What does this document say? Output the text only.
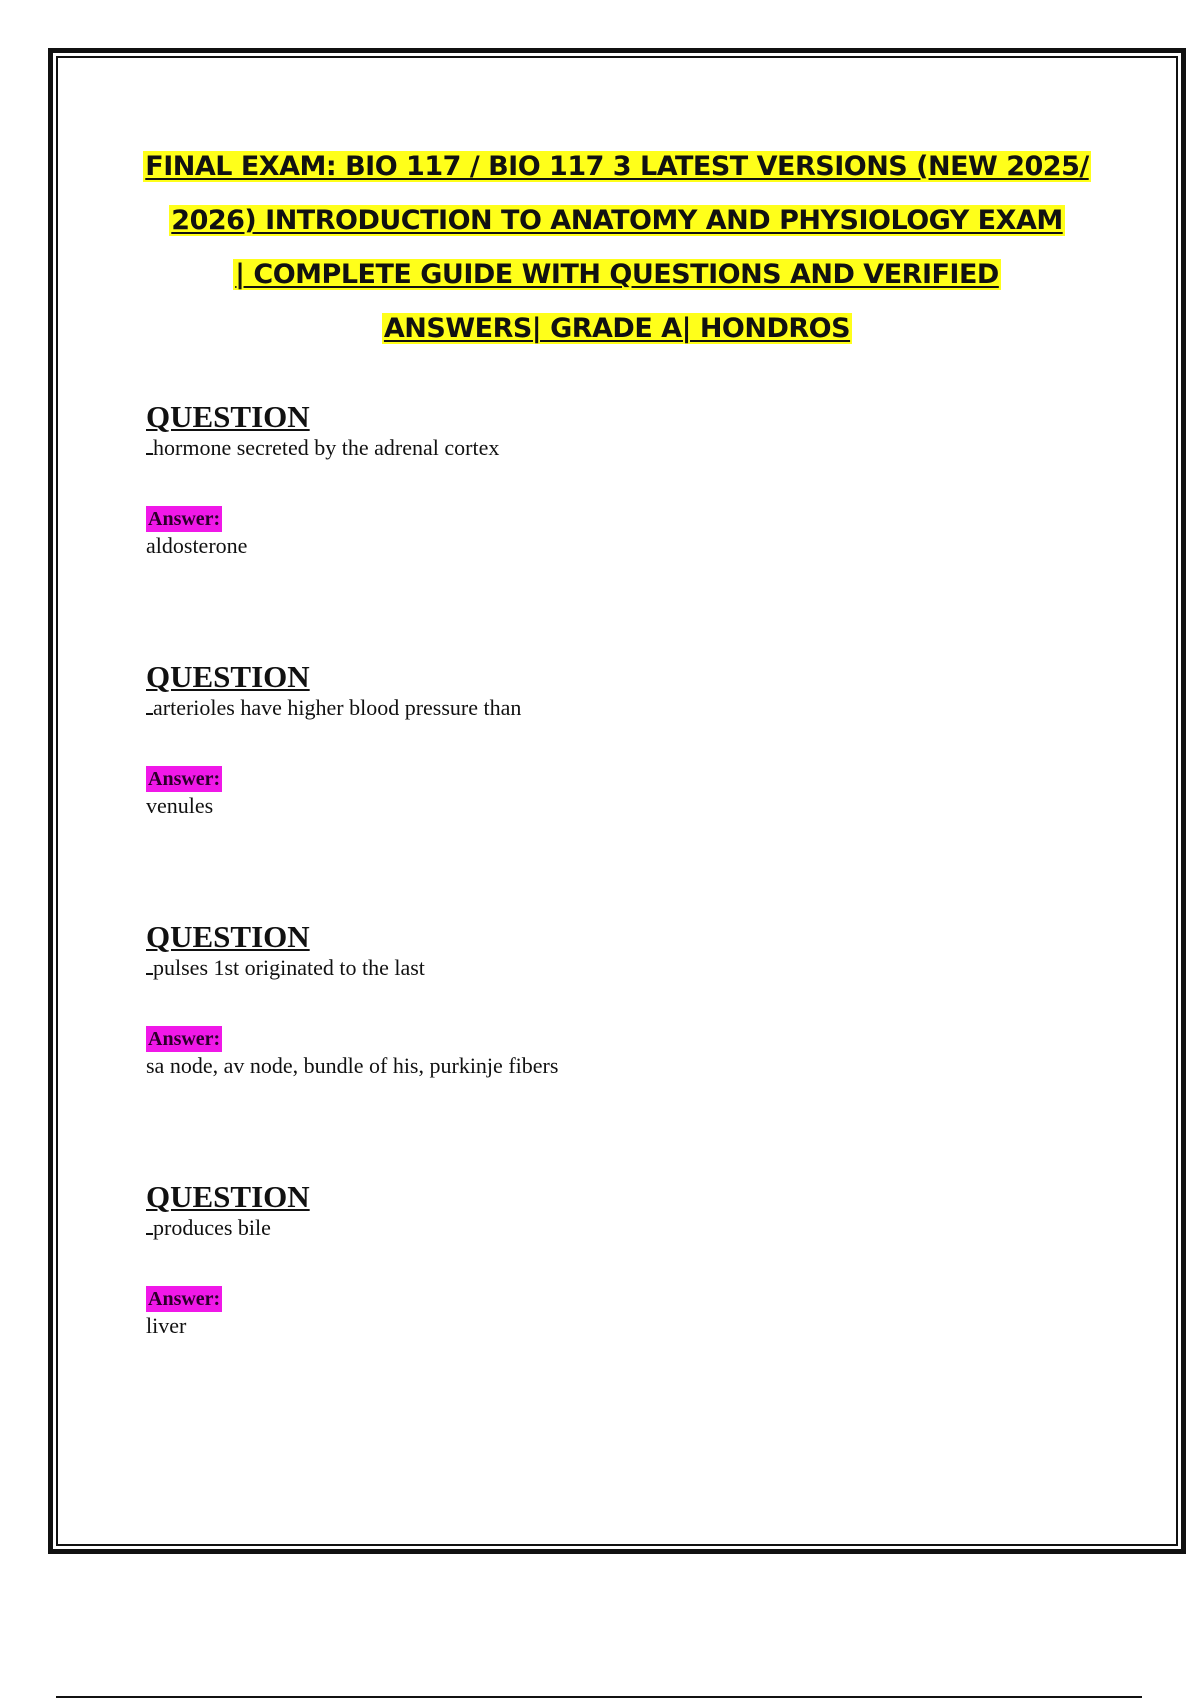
FINAL EXAM: BIO 117 / BIO 117 3 LATEST VERSIONS (NEW 2025/
2026) INTRODUCTION TO ANATOMY AND PHYSIOLOGY EXAM
| COMPLETE GUIDE WITH QUESTIONS AND VERIFIED
ANSWERS| GRADE A| HONDROS
QUESTION
hormone secreted by the adrenal cortex
Answer:
aldosterone
QUESTION
arterioles have higher blood pressure than
Answer:
venules
QUESTION
pulses 1st originated to the last
Answer:
sa node, av node, bundle of his, purkinje fibers
QUESTION
produces bile
Answer:
liver
